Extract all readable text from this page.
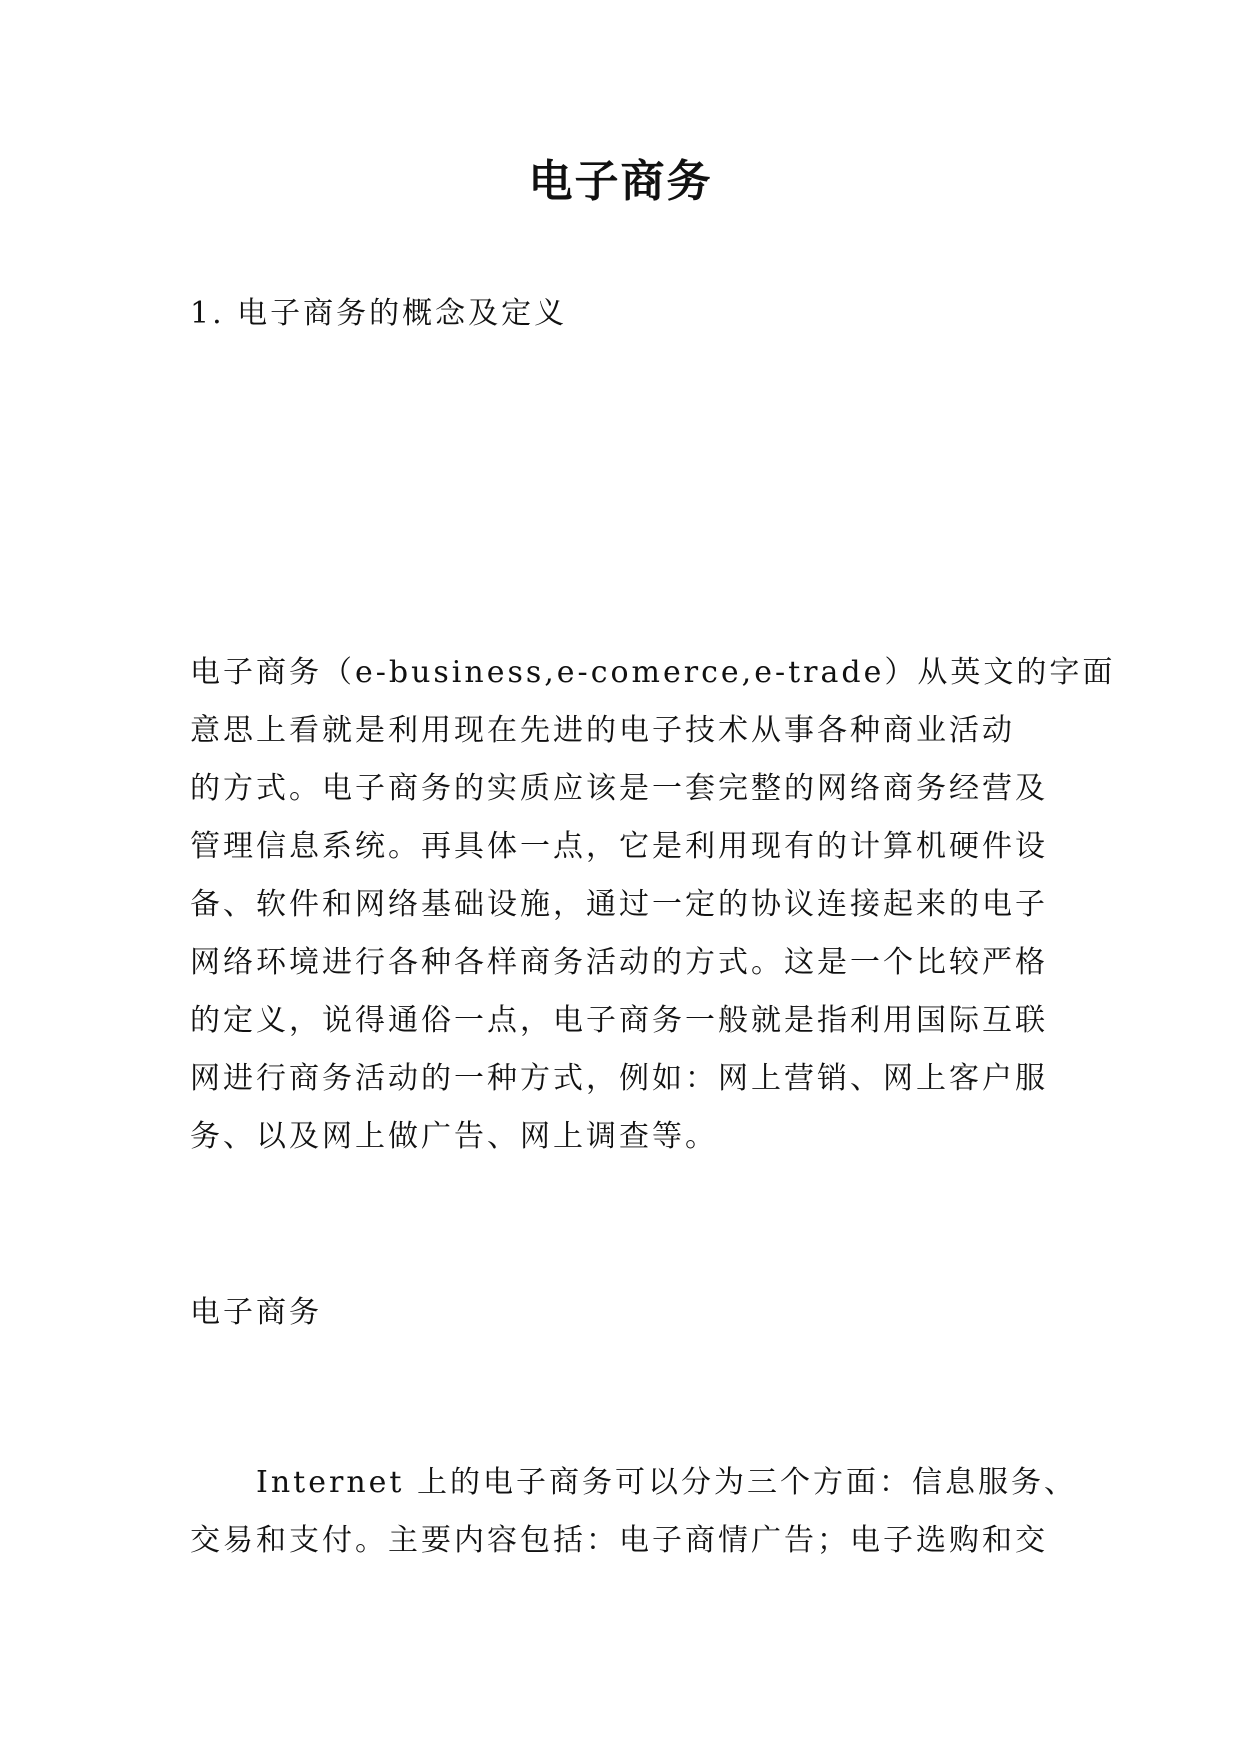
电子商务
1. 电子商务的概念及定义
电子商务（e-business,e-comerce,e-trade）从英文的字面
意思上看就是利用现在先进的电子技术从事各种商业活动
的方式。电子商务的实质应该是一套完整的网络商务经营及
管理信息系统。再具体一点，它是利用现有的计算机硬件设
备、软件和网络基础设施，通过一定的协议连接起来的电子
网络环境进行各种各样商务活动的方式。这是一个比较严格
的定义，说得通俗一点，电子商务一般就是指利用国际互联
网进行商务活动的一种方式，例如：网上营销、网上客户服
务、以及网上做广告、网上调查等。
电子商务
Internet 上的电子商务可以分为三个方面：信息服务、
交易和支付。主要内容包括：电子商情广告；电子选购和交
